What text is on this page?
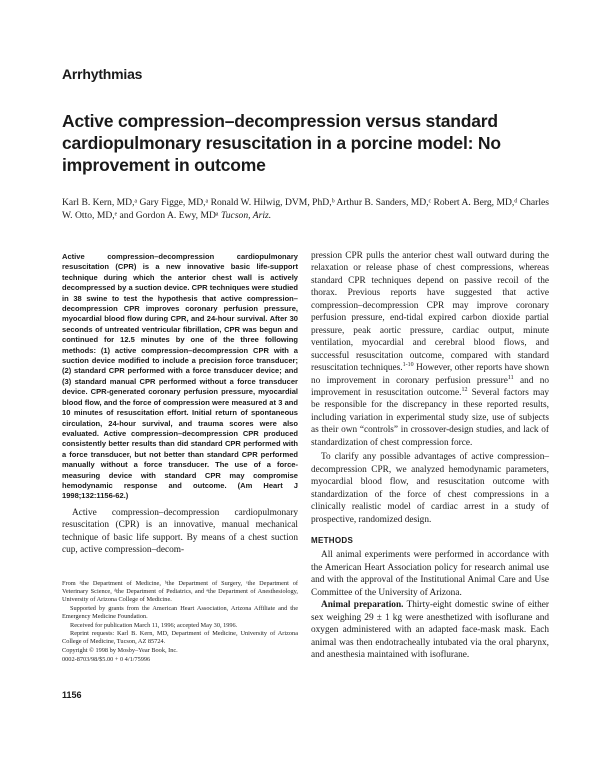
Arrhythmias
Active compression–decompression versus standard cardiopulmonary resuscitation in a porcine model: No improvement in outcome
Karl B. Kern, MD,ᵃ Gary Figge, MD,ᵃ Ronald W. Hilwig, DVM, PhD,ᵇ Arthur B. Sanders, MD,ᶜ Robert A. Berg, MD,ᵈ Charles W. Otto, MD,ᵉ and Gordon A. Ewy, MDᵃ Tucson, Ariz.

Active compression–decompression cardiopulmonary resuscitation (CPR) is a new innovative basic life-support technique during which the anterior chest wall is actively decompressed by a suction device. CPR techniques were studied in 38 swine to test the hypothesis that active compression–decompression CPR improves coronary perfusion pressure, myocardial blood flow during CPR, and 24-hour survival. After 30 seconds of untreated ventricular fibrillation, CPR was begun and continued for 12.5 minutes by one of the three following methods: (1) active compression–decompression CPR with a suction device modified to include a precision force transducer; (2) standard CPR performed with a force transducer device; and (3) standard manual CPR performed without a force transducer device. CPR-generated coronary perfusion pressure, myocardial blood flow, and the force of compression were measured at 3 and 10 minutes of resuscitation effort. Initial return of spontaneous circulation, 24-hour survival, and trauma scores were also evaluated. Active compression–decompression CPR produced consistently better results than did standard CPR performed with a force transducer, but not better than standard CPR performed manually without a force transducer. The use of a force-measuring device with standard CPR may compromise hemodynamic response and outcome. (Am Heart J 1998;132:1156-62.)

Active compression–decompression cardiopulmonary resuscitation (CPR) is an innovative, manual mechanical technique of basic life support. By means of a chest suction cup, active compression–decom-

From ᵃthe Department of Medicine, ᵇthe Department of Surgery, ᶜthe Department of Veterinary Science, ᵈthe Department of Pediatrics, and ᵉthe Department of Anesthesiology, University of Arizona College of Medicine.

Supported by grants from the American Heart Association, Arizona Affiliate and the Emergency Medicine Foundation.

Received for publication March 11, 1996; accepted May 30, 1996.

Reprint requests: Karl B. Kern, MD, Department of Medicine, University of Arizona College of Medicine, Tucson, AZ 85724.

Copyright © 1998 by Mosby–Year Book, Inc.

0002-8703/98/$5.00 + 0 4/1/75996

1156

pression CPR pulls the anterior chest wall outward during the relaxation or release phase of chest compressions, whereas standard CPR techniques depend on passive recoil of the thorax. Previous reports have suggested that active compression–decompression CPR may improve coronary perfusion pressure, end-tidal expired carbon dioxide partial pressure, peak aortic pressure, cardiac output, minute ventilation, myocardial and cerebral blood flows, and successful resuscitation outcome, compared with standard resuscitation techniques.$^{1-10}$ However, other reports have shown no improvement in coronary perfusion pressure$^{11}$ and no improvement in resuscitation outcome.$^{12}$ Several factors may be responsible for the discrepancy in these reported results, including variation in experimental study size, use of subjects as their own “controls” in crossover-design studies, and lack of standardization of chest compression force.

To clarify any possible advantages of active compression–decompression CPR, we analyzed hemodynamic parameters, myocardial blood flow, and resuscitation outcome with standardization of the force of chest compressions in a clinically realistic model of cardiac arrest in a study of prospective, randomized design.

METHODS

All animal experiments were performed in accordance with the American Heart Association policy for research animal use and with the approval of the Institutional Animal Care and Use Committee of the University of Arizona.

Animal preparation. Thirty-eight domestic swine of either sex weighing 29 ± 1 kg were anesthetized with isoflurane and oxygen administered with an adapted face-mask mask. Each animal was then endotracheally intubated via the oral pharynx, and anesthesia maintained with isoflurane.
